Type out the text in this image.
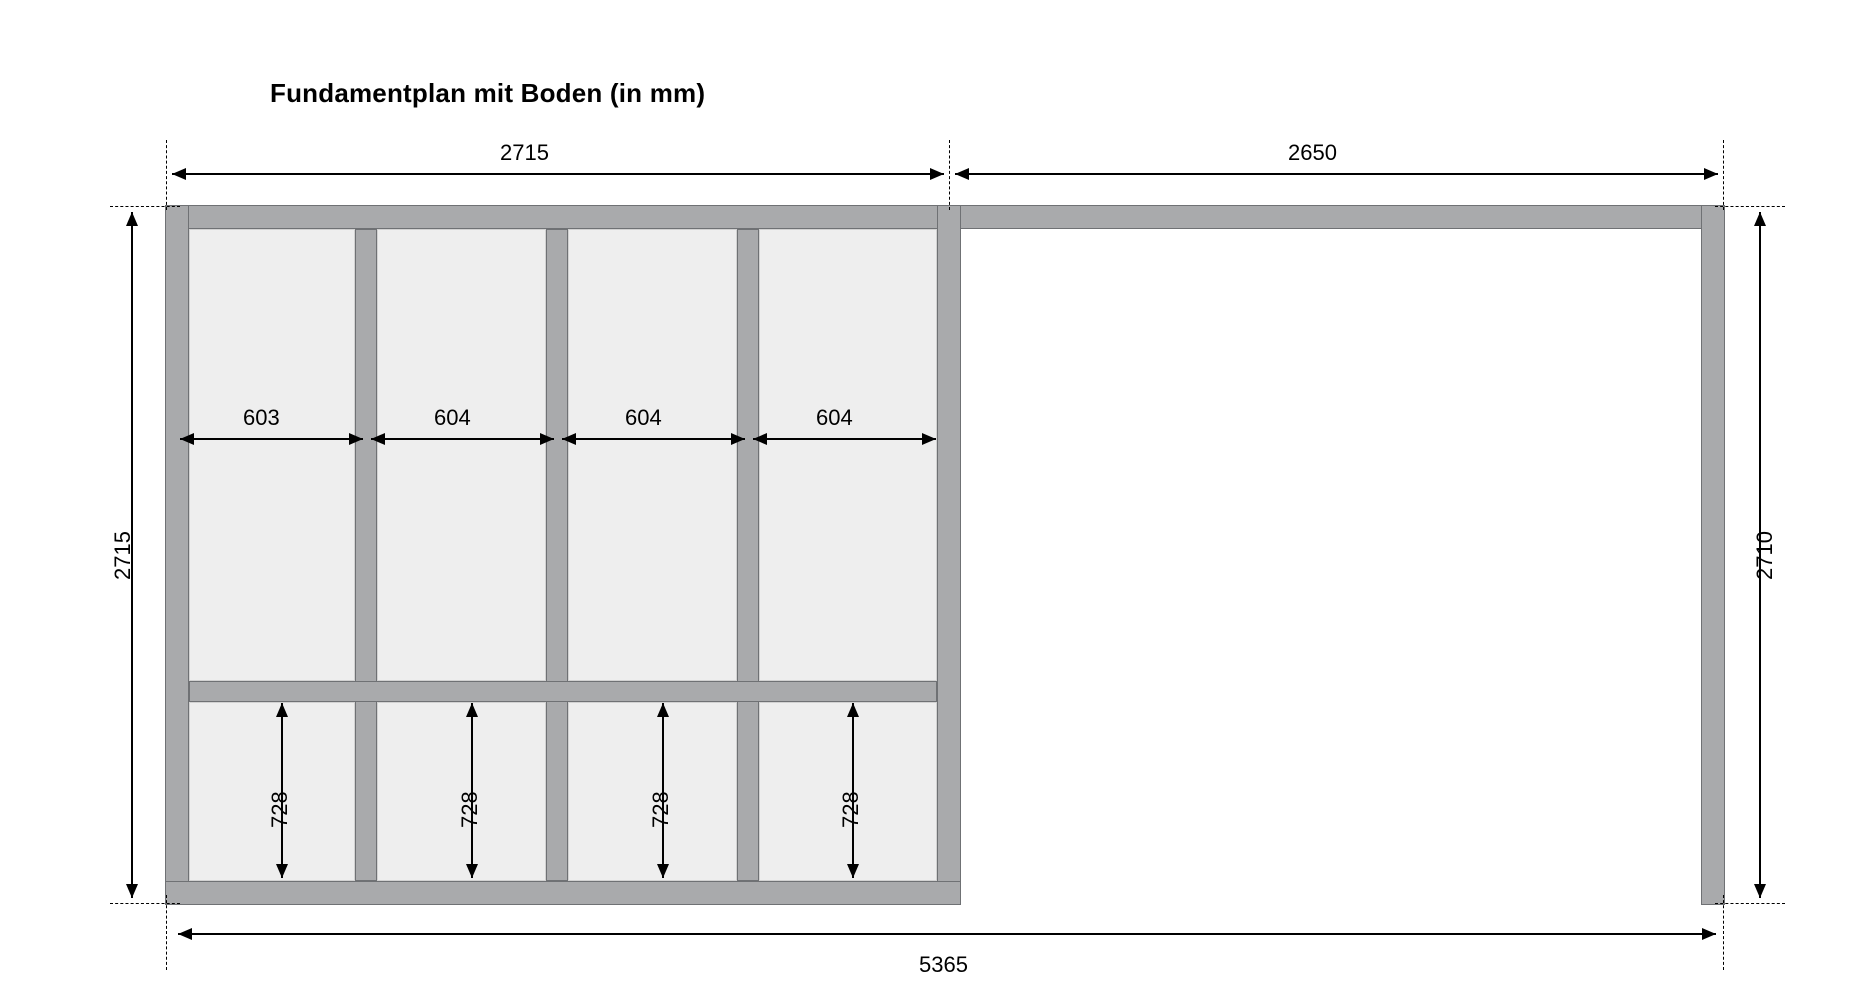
Fundamentplan mit Boden (in mm)
2715	2650
5365
2715	2710
603	604	604	604
728	728	728	728
